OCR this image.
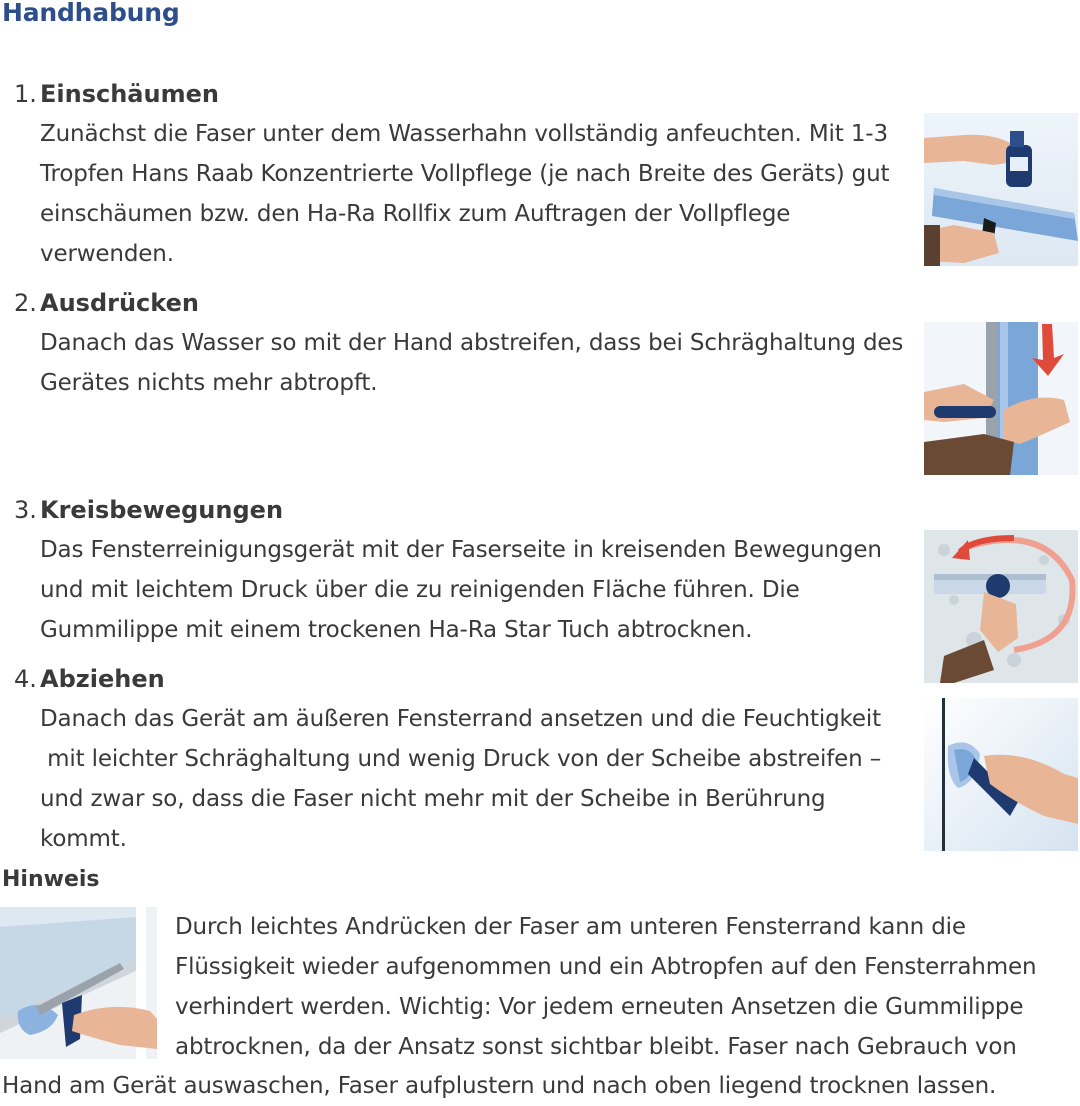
Handhabung
1. Einschäumen
Zunächst die Faser unter dem Wasserhahn vollständig anfeuchten. Mit 1-3
Tropfen Hans Raab Konzentrierte Vollpflege (je nach Breite des Geräts) gut
einschäumen bzw. den Ha-Ra Rollfix zum Auftragen der Vollpflege
verwenden.
2. Ausdrücken
Danach das Wasser so mit der Hand abstreifen, dass bei Schräghaltung des
Gerätes nichts mehr abtropft.
3. Kreisbewegungen
Das Fensterreinigungsgerät mit der Faserseite in kreisenden Bewegungen
und mit leichtem Druck über die zu reinigenden Fläche führen. Die
Gummilippe mit einem trockenen Ha-Ra Star Tuch abtrocknen.
4. Abziehen
Danach das Gerät am äußeren Fensterrand ansetzen und die Feuchtigkeit
mit leichter Schräghaltung und wenig Druck von der Scheibe abstreifen –
und zwar so, dass die Faser nicht mehr mit der Scheibe in Berührung
kommt.
Hinweis
Durch leichtes Andrücken der Faser am unteren Fensterrand kann die
Flüssigkeit wieder aufgenommen und ein Abtropfen auf den Fensterrahmen
verhindert werden. Wichtig: Vor jedem erneuten Ansetzen die Gummilippe
abtrocknen, da der Ansatz sonst sichtbar bleibt. Faser nach Gebrauch von
Hand am Gerät auswaschen, Faser aufplustern und nach oben liegend trocknen lassen.
